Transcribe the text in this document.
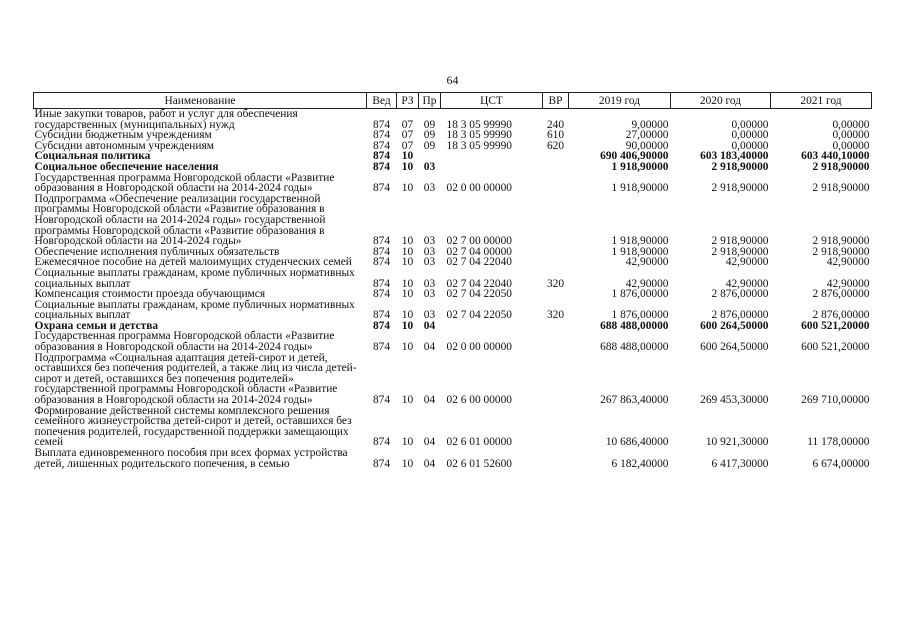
64
Наименование	Вед	РЗ	Пр	ЦСТ	ВР	2019 год	2020 год	2021 год
Иные закупки товаров, работ и услуг для обеспечения государственных (муниципальных) нужд	874	07	09	18 3 05 99990	240	9,00000	0,00000	0,00000
Субсидии бюджетным учреждениям	874	07	09	18 3 05 99990	610	27,00000	0,00000	0,00000
Субсидии автономным учреждениям	874	07	09	18 3 05 99990	620	90,00000	0,00000	0,00000
Социальная политика	874	10				690 406,90000	603 183,40000	603 440,10000
Социальное обеспечение населения	874	10	03			1 918,90000	2 918,90000	2 918,90000
Государственная программа Новгородской области «Развитие образования в Новгородской области на 2014-2024 годы»	874	10	03	02 0 00 00000		1 918,90000	2 918,90000	2 918,90000
Подпрограмма «Обеспечение реализации государственной программы Новгородской области «Развитие образования в Новгородской области на 2014-2024 годы» государственной программы Новгородской области «Развитие образования в Новгородской области на 2014-2024 годы»	874	10	03	02 7 00 00000		1 918,90000	2 918,90000	2 918,90000
Обеспечение исполнения публичных обязательств	874	10	03	02 7 04 00000		1 918,90000	2 918,90000	2 918,90000
Ежемесячное пособие на детей малоимущих студенческих семей	874	10	03	02 7 04 22040		42,90000	42,90000	42,90000
Социальные выплаты гражданам, кроме публичных нормативных социальных выплат	874	10	03	02 7 04 22040	320	42,90000	42,90000	42,90000
Компенсация стоимости проезда обучающимся	874	10	03	02 7 04 22050		1 876,00000	2 876,00000	2 876,00000
Социальные выплаты гражданам, кроме публичных нормативных социальных выплат	874	10	03	02 7 04 22050	320	1 876,00000	2 876,00000	2 876,00000
Охрана семьи и детства	874	10	04			688 488,00000	600 264,50000	600 521,20000
Государственная программа Новгородской области «Развитие образования в Новгородской области на 2014-2024 годы»	874	10	04	02 0 00 00000		688 488,00000	600 264,50000	600 521,20000
Подпрограмма «Социальная адаптация детей-сирот и детей, оставшихся без попечения родителей, а также лиц из числа детей-сирот и детей, оставшихся без попечения родителей» государственной программы Новгородской области «Развитие образования в Новгородской области на 2014-2024 годы»	874	10	04	02 6 00 00000		267 863,40000	269 453,30000	269 710,00000
Формирование действенной системы комплексного решения семейного жизнеустройства детей-сирот и детей, оставшихся без попечения родителей, государственной поддержки замещающих семей	874	10	04	02 6 01 00000		10 686,40000	10 921,30000	11 178,00000
Выплата единовременного пособия при всех формах устройства детей, лишенных родительского попечения, в семью	874	10	04	02 6 01 52600		6 182,40000	6 417,30000	6 674,00000
